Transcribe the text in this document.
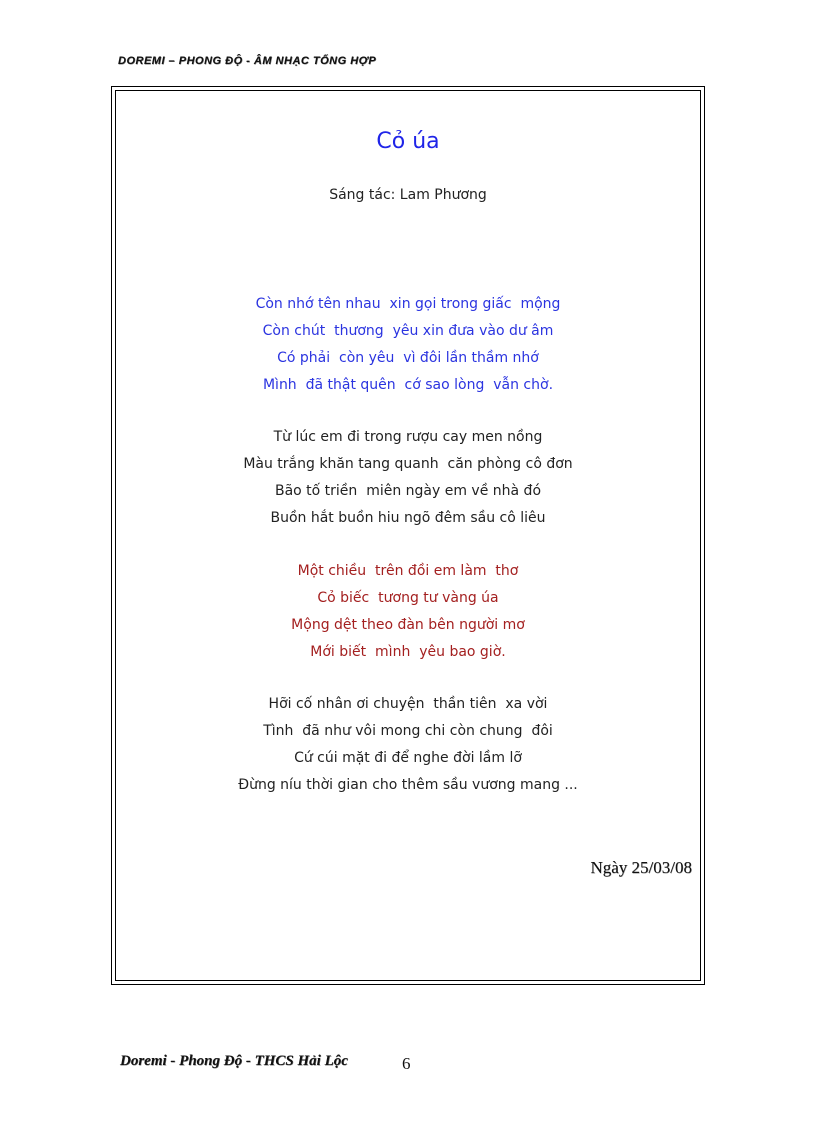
DOREMI – PHONG ĐỘ - ÂM NHẠC TỔNG HỢP
Cỏ úa
Sáng tác: Lam Phương
Còn nhớ tên nhau  xin gọi trong giấc  mộng
Còn chút  thương  yêu xin đưa vào dư âm
Có phải  còn yêu  vì đôi lần thầm nhớ
Mình  đã thật quên  cớ sao lòng  vẫn chờ.
Từ lúc em đi trong rượu cay men nồng
Màu trắng khăn tang quanh  căn phòng cô đơn
Bão tố triền  miên ngày em về nhà đó
Buồn hắt buồn hiu ngõ đêm sầu cô liêu
Một chiều  trên đồi em làm  thơ
Cỏ biếc  tương tư vàng úa
Mộng dệt theo đàn bên người mơ
Mới biết  mình  yêu bao giờ.
Hỡi cố nhân ơi chuyện  thần tiên  xa vời
Tình  đã như vôi mong chi còn chung  đôi
Cứ cúi mặt đi để nghe đời lầm lỡ
Đừng níu thời gian cho thêm sầu vương mang ...
Ngày 25/03/08
Doremi - Phong Độ - THCS Hải Lộc	6
